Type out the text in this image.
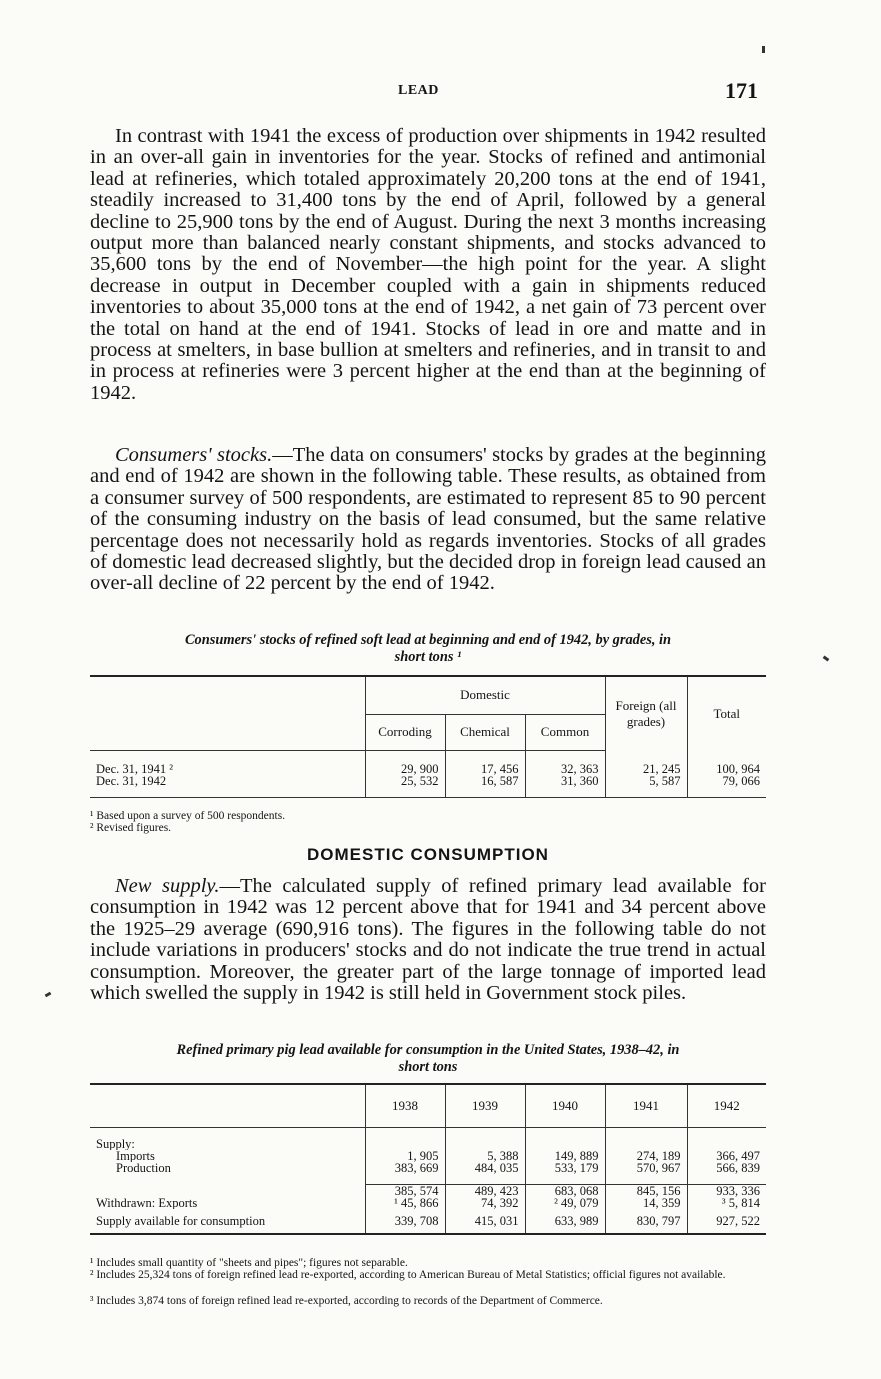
LEAD	171

In contrast with 1941 the excess of production over shipments in 1942 resulted in an over-all gain in inventories for the year. Stocks of refined and antimonial lead at refineries, which totaled approximately 20,200 tons at the end of 1941, steadily increased to 31,400 tons by the end of April, followed by a general decline to 25,900 tons by the end of August. During the next 3 months increasing output more than balanced nearly constant shipments, and stocks advanced to 35,600 tons by the end of November—the high point for the year. A slight decrease in output in December coupled with a gain in shipments reduced inventories to about 35,000 tons at the end of 1942, a net gain of 73 percent over the total on hand at the end of 1941. Stocks of lead in ore and matte and in process at smelters, in base bullion at smelters and refineries, and in transit to and in process at refineries were 3 percent higher at the end than at the beginning of 1942.

Consumers' stocks.—The data on consumers' stocks by grades at the beginning and end of 1942 are shown in the following table. These results, as obtained from a consumer survey of 500 respondents, are estimated to represent 85 to 90 percent of the consuming industry on the basis of lead consumed, but the same relative percentage does not necessarily hold as regards inventories. Stocks of all grades of domestic lead decreased slightly, but the decided drop in foreign lead caused an over-all decline of 22 percent by the end of 1942.

Consumers' stocks of refined soft lead at beginning and end of 1942, by grades, in
short tons ¹
	Domestic			Foreign (all grades)	Total
	Corroding	Chemical	Common		

Dec. 31, 1941 ²	29, 900	17, 456	32, 363	21, 245	100, 964
Dec. 31, 1942	25, 532	16, 587	31, 360	5, 587	79, 066

¹ Based upon a survey of 500 respondents.
² Revised figures.
DOMESTIC CONSUMPTION

New supply.—The calculated supply of refined primary lead available for consumption in 1942 was 12 percent above that for 1941 and 34 percent above the 1925–29 average (690,916 tons). The figures in the following table do not include variations in producers' stocks and do not indicate the true trend in actual consumption. Moreover, the greater part of the large tonnage of imported lead which swelled the supply in 1942 is still held in Government stock piles.

Refined primary pig lead available for consumption in the United States, 1938–42, in
short tons
	1938	1939	1940	1941	1942

Supply:					
Imports	1, 905	5, 388	149, 889	274, 189	366, 497
Production	383, 669	484, 035	533, 179	570, 967	566, 839

	385, 574	489, 423	683, 068	845, 156	933, 336
Withdrawn: Exports	¹ 45, 866	74, 392	² 49, 079	14, 359	³ 5, 814
Supply available for consumption	339, 708	415, 031	633, 989	830, 797	927, 522
¹ Includes small quantity of "sheets and pipes"; figures not separable.
² Includes 25,324 tons of foreign refined lead re-exported, according to American Bureau of Metal Statistics; official figures not available.
³ Includes 3,874 tons of foreign refined lead re-exported, according to records of the Department of Commerce.
